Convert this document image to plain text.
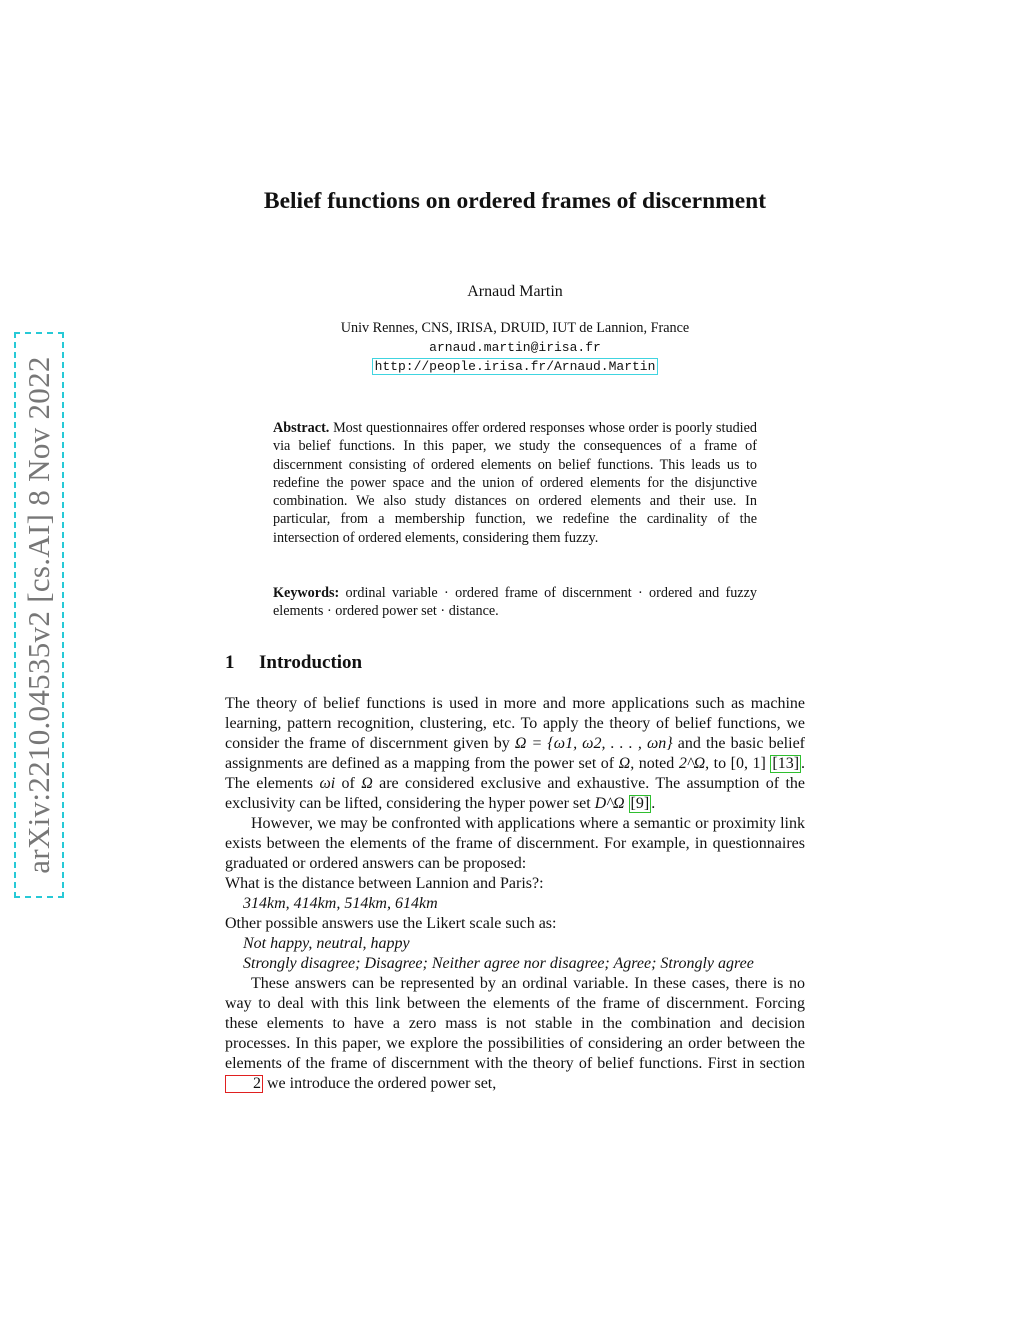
arXiv:2210.04535v2 [cs.AI] 8 Nov 2022
Belief functions on ordered frames of discernment
Arnaud Martin
Univ Rennes, CNS, IRISA, DRUID, IUT de Lannion, France
arnaud.martin@irisa.fr
http://people.irisa.fr/Arnaud.Martin
Abstract. Most questionnaires offer ordered responses whose order is poorly studied via belief functions. In this paper, we study the consequences of a frame of discernment consisting of ordered elements on belief functions. This leads us to redefine the power space and the union of ordered elements for the disjunctive combination. We also study distances on ordered elements and their use. In particular, from a membership function, we redefine the cardinality of the intersection of ordered elements, considering them fuzzy.
Keywords: ordinal variable · ordered frame of discernment · ordered and fuzzy elements · ordered power set · distance.
1 Introduction

The theory of belief functions is used in more and more applications such as machine learning, pattern recognition, clustering, etc. To apply the theory of belief functions, we consider the frame of discernment given by Ω = {ω1, ω2, . . . , ωn} and the basic belief assignments are defined as a mapping from the power set of Ω, noted 2^Ω, to [0, 1] [13] . The elements ωi of Ω are considered exclusive and exhaustive. The assumption of the exclusivity can be lifted, considering the hyper power set D^Ω [9] .

However, we may be confronted with applications where a semantic or proximity link exists between the elements of the frame of discernment. For example, in questionnaires graduated or ordered answers can be proposed:

What is the distance between Lannion and Paris?:
314km, 414km, 514km, 614km
Other possible answers use the Likert scale such as:
Not happy, neutral, happy
Strongly disagree; Disagree; Neither agree nor disagree; Agree; Strongly agree

These answers can be represented by an ordinal variable. In these cases, there is no way to deal with this link between the elements of the frame of discernment. Forcing these elements to have a zero mass is not stable in the combination and decision processes. In this paper, we explore the possibilities of considering an order between the elements of the frame of discernment with the theory of belief functions. First in section 2 we introduce the ordered power set,
